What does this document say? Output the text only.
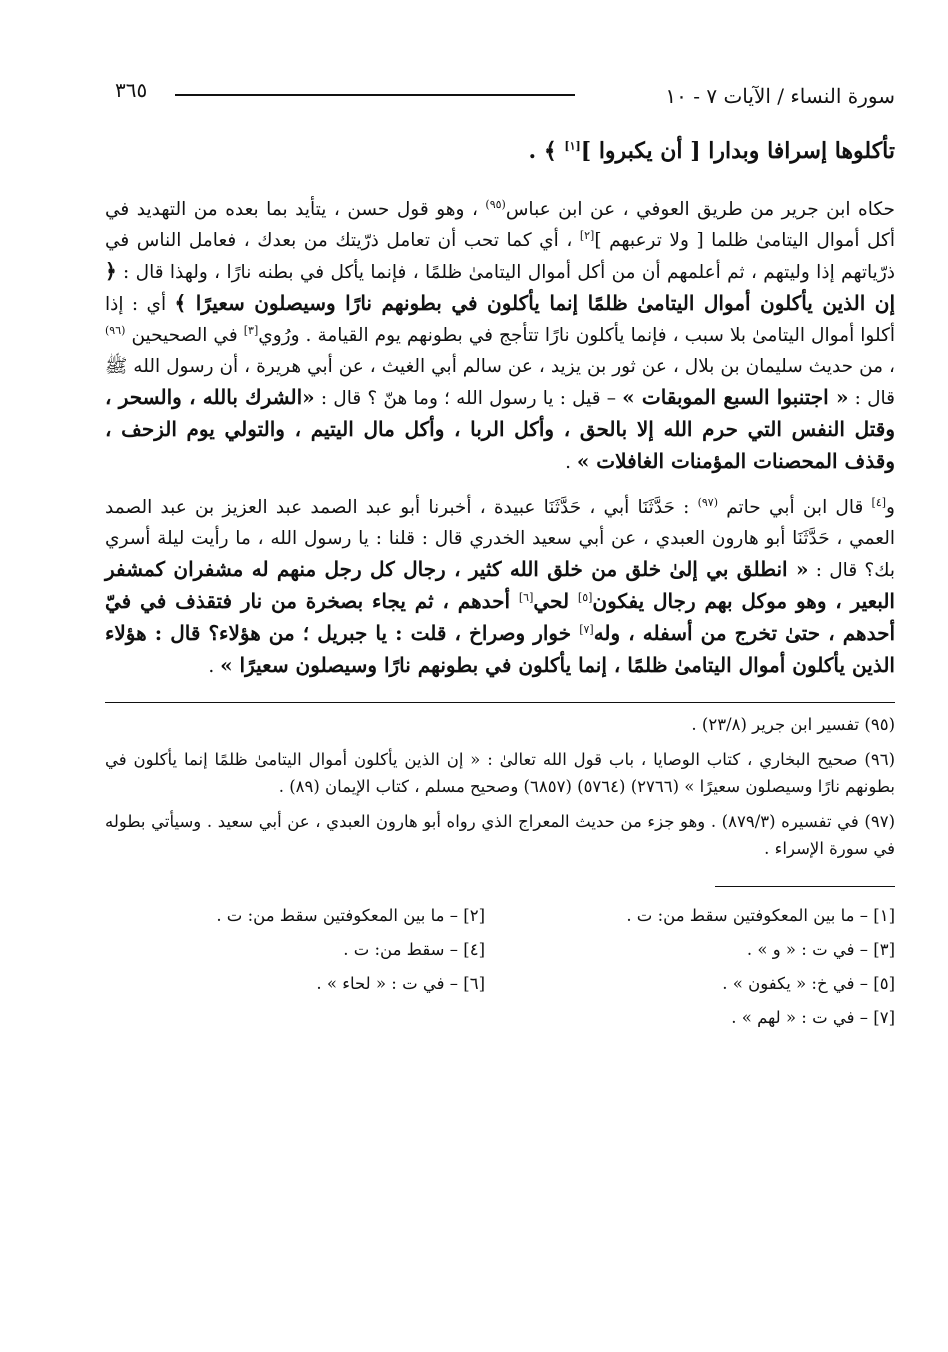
سورة النساء / الآيات ٧ - ١٠
٣٦٥
تأكلوها إسرافا وبدارا [ أن يكبروا ][١] ﴾ .

حكاه ابن جرير من طريق العوفي ، عن ابن عباس$^{(٩٥)}$ ، وهو قول حسن ، يتأيد بما بعده من التهديد في أكل أموال اليتامىٰ ظلما [ ولا ترعبهم ][٢] ، أي كما تحب أن تعامل ذرّيتك من بعدك ، فعامل الناس في ذرّياتهم إذا وليتهم ، ثم أعلمهم أن من أكل أموال اليتامىٰ ظلمًا ، فإنما يأكل في بطنه نارًا ، ولهذا قال : ﴿ إن الذين يأكلون أموال اليتامىٰ ظلمًا إنما يأكلون في بطونهم نارًا وسيصلون سعيرًا ﴾ أي : إذا أكلوا أموال اليتامىٰ بلا سبب ، فإنما يأكلون نارًا تتأجج في بطونهم يوم القيامة . ورُوي[٣] في الصحيحين $^{(٩٦)}$ ، من حديث سليمان بن بلال ، عن ثور بن يزيد ، عن سالم أبي الغيث ، عن أبي هريرة ، أن رسول الله ﷺ قال : « اجتنبوا السبع الموبقات » – قيل : يا رسول الله ؛ وما هنّ ؟ قال : «الشرك بالله ، والسحر ، وقتل النفس التي حرم الله إلا بالحق ، وأكل الربا ، وأكل مال اليتيم ، والتولي يوم الزحف ، وقذف المحصنات المؤمنات الغافلات » .

و[٤] قال ابن أبي حاتم $^{(٩٧)}$ : حَدَّثَنَا أبي ، حَدَّثَنَا عبيدة ، أخبرنا أبو عبد الصمد عبد العزيز بن عبد الصمد العمي ، حَدَّثَنَا أبو هارون العبدي ، عن أبي سعيد الخدري قال : قلنا : يا رسول الله ، ما رأيت ليلة أسري بك؟ قال : « انطلق بي إلىٰ خلق من خلق الله كثير ، رجال كل رجل منهم له مشفران كمشفر البعير ، وهو موكل بهم رجال يفكون[٥] لحي[٦] أحدهم ، ثم يجاء بصخرة من نار فتقذف في فيّ أحدهم ، حتىٰ تخرج من أسفله ، وله[٧] خوار وصراخ ، قلت : يا جبريل ؛ من هؤلاء؟ قال : هؤلاء الذين يأكلون أموال اليتامىٰ ظلمًا ، إنما يأكلون في بطونهم نارًا وسيصلون سعيرًا » .

(٩٥) تفسير ابن جرير (٢٣/٨) .
(٩٦) صحيح البخاري ، كتاب الوصايا ، باب قول الله تعالىٰ : « إن الذين يأكلون أموال اليتامىٰ ظلمًا إنما يأكلون في بطونهم نارًا وسيصلون سعيرًا » (٢٧٦٦) (٥٧٦٤) (٦٨٥٧) وصحيح مسلم ، كتاب الإيمان (٨٩) .
(٩٧) في تفسيره (٨٧٩/٣) . وهو جزء من حديث المعراج الذي رواه أبو هارون العبدي ، عن أبي سعيد . وسيأتي بطوله في سورة الإسراء .
[١] – ما بين المعكوفتين سقط من: ت .
[٢] – ما بين المعكوفتين سقط من: ت .
[٣] – في ت : « و » .
[٤] – سقط من: ت .
[٥] – في خ: « يكفون » .
[٦] – في ت : « لحاء » .
[٧] – في ت : « لهم » .
